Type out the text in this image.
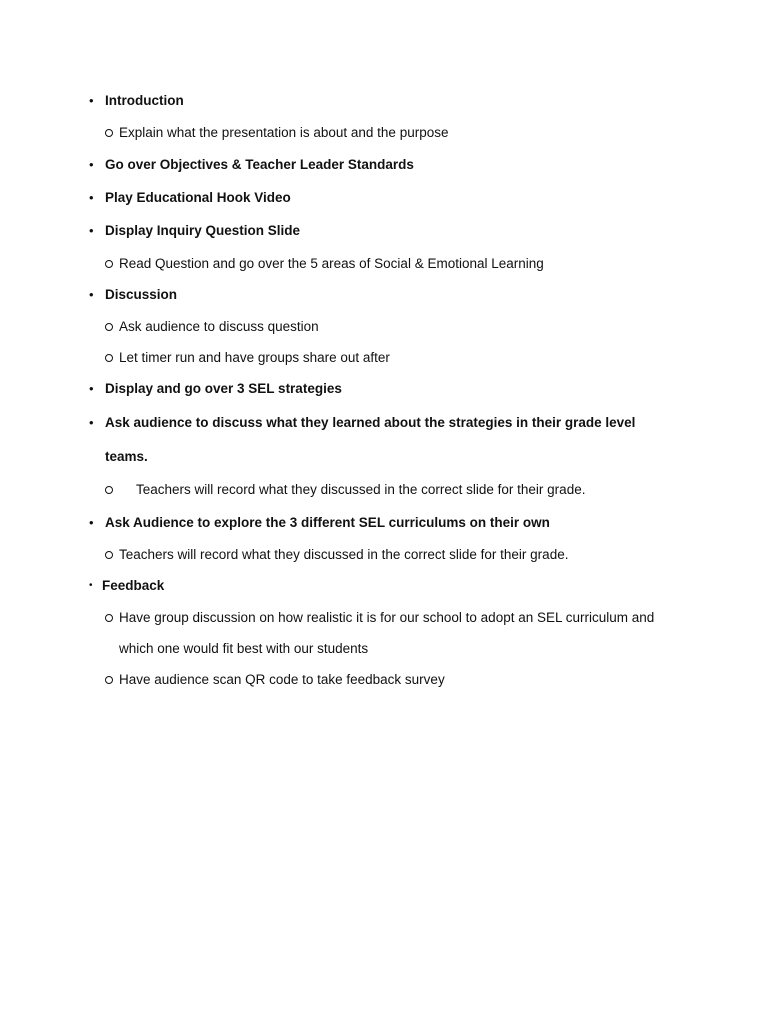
• Introduction
Explain what the presentation is about and the purpose
• Go over Objectives & Teacher Leader Standards
• Play Educational Hook Video
• Display Inquiry Question Slide
Read Question and go over the 5 areas of Social & Emotional Learning
• Discussion
Ask audience to discuss question
Let timer run and have groups share out after
• Display and go over 3 SEL strategies
• Ask audience to discuss what they learned about the strategies in their grade level
teams.
Teachers will record what they discussed in the correct slide for their grade.
• Ask Audience to explore the 3 different SEL curriculums on their own
Teachers will record what they discussed in the correct slide for their grade.
• Feedback
Have group discussion on how realistic it is for our school to adopt an SEL curriculum and
which one would fit best with our students
Have audience scan QR code to take feedback survey
